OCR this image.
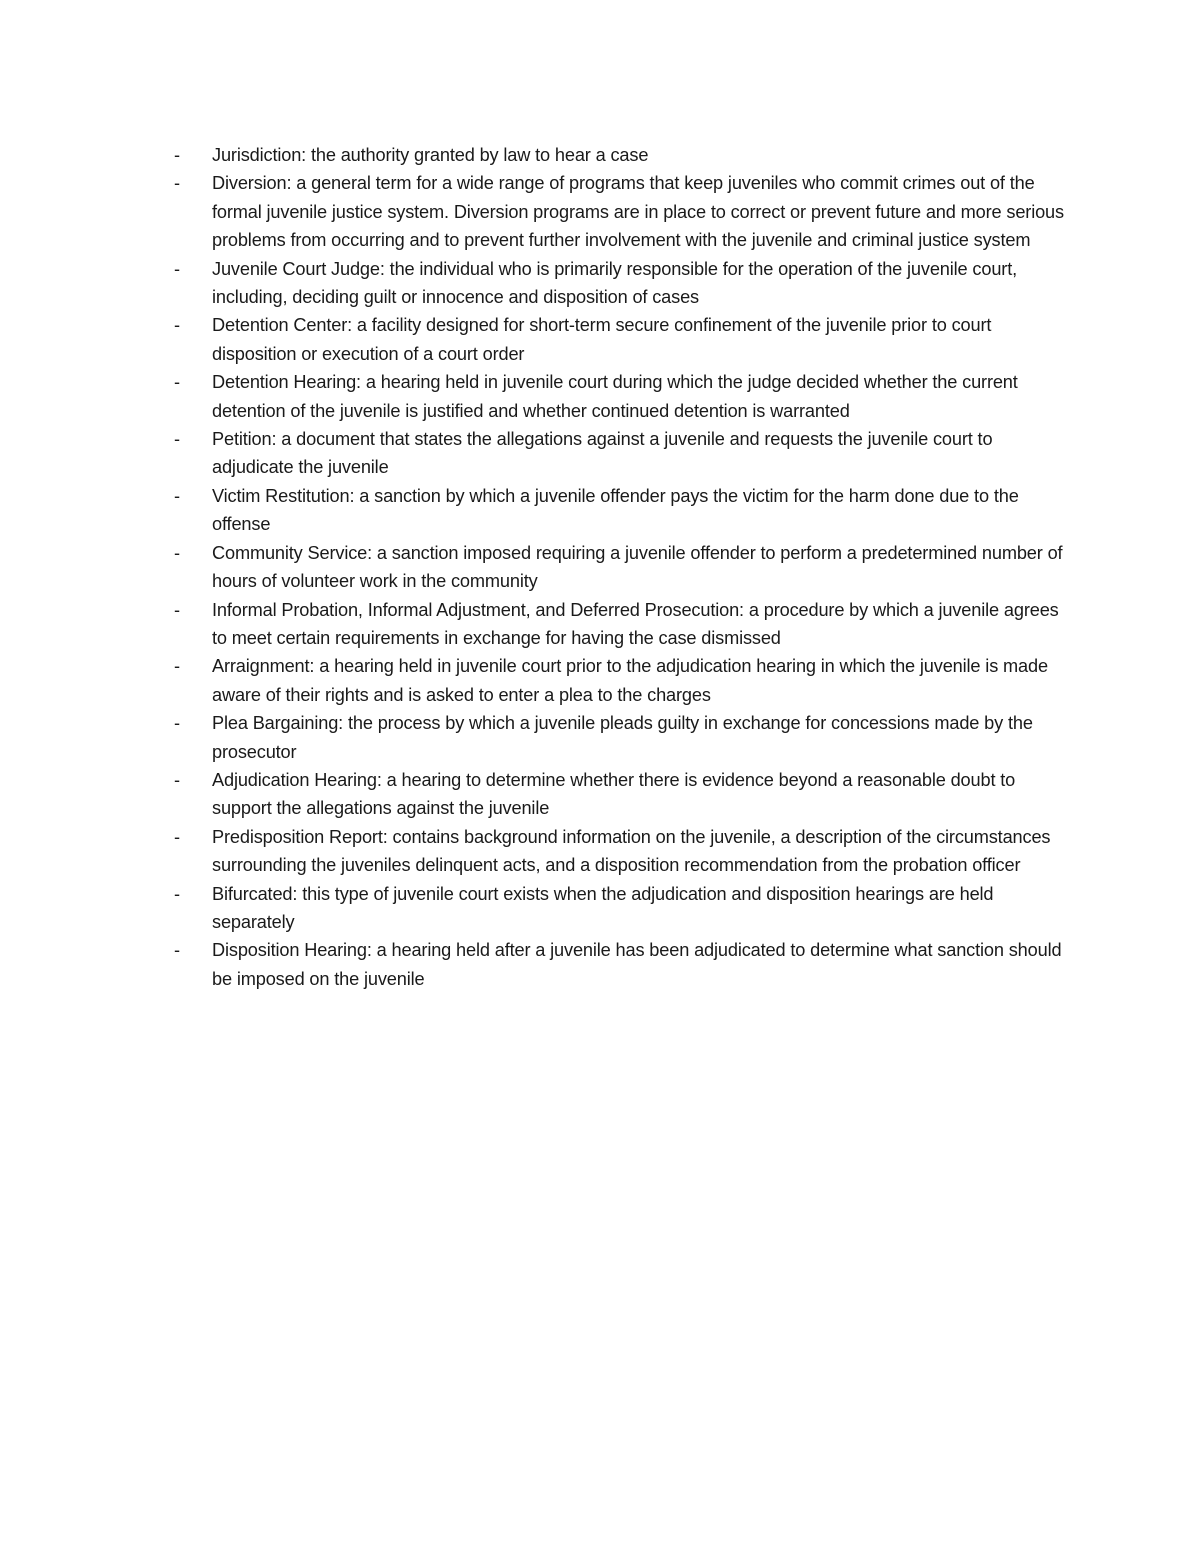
- Jurisdiction: the authority granted by law to hear a case
- Diversion: a general term for a wide range of programs that keep juveniles who commit crimes out of the formal juvenile justice system. Diversion programs are in place to correct or prevent future and more serious problems from occurring and to prevent further involvement with the juvenile and criminal justice system
- Juvenile Court Judge: the individual who is primarily responsible for the operation of the juvenile court, including, deciding guilt or innocence and disposition of cases
- Detention Center: a facility designed for short-term secure confinement of the juvenile prior to court disposition or execution of a court order
- Detention Hearing: a hearing held in juvenile court during which the judge decided whether the current detention of the juvenile is justified and whether continued detention is warranted
- Petition: a document that states the allegations against a juvenile and requests the juvenile court to adjudicate the juvenile
- Victim Restitution: a sanction by which a juvenile offender pays the victim for the harm done due to the offense
- Community Service: a sanction imposed requiring a juvenile offender to perform a predetermined number of hours of volunteer work in the community
- Informal Probation, Informal Adjustment, and Deferred Prosecution: a procedure by which a juvenile agrees to meet certain requirements in exchange for having the case dismissed
- Arraignment: a hearing held in juvenile court prior to the adjudication hearing in which the juvenile is made aware of their rights and is asked to enter a plea to the charges
- Plea Bargaining: the process by which a juvenile pleads guilty in exchange for concessions made by the prosecutor
- Adjudication Hearing: a hearing to determine whether there is evidence beyond a reasonable doubt to support the allegations against the juvenile
- Predisposition Report: contains background information on the juvenile, a description of the circumstances surrounding the juveniles delinquent acts, and a disposition recommendation from the probation officer
- Bifurcated: this type of juvenile court exists when the adjudication and disposition hearings are held separately
- Disposition Hearing: a hearing held after a juvenile has been adjudicated to determine what sanction should be imposed on the juvenile
